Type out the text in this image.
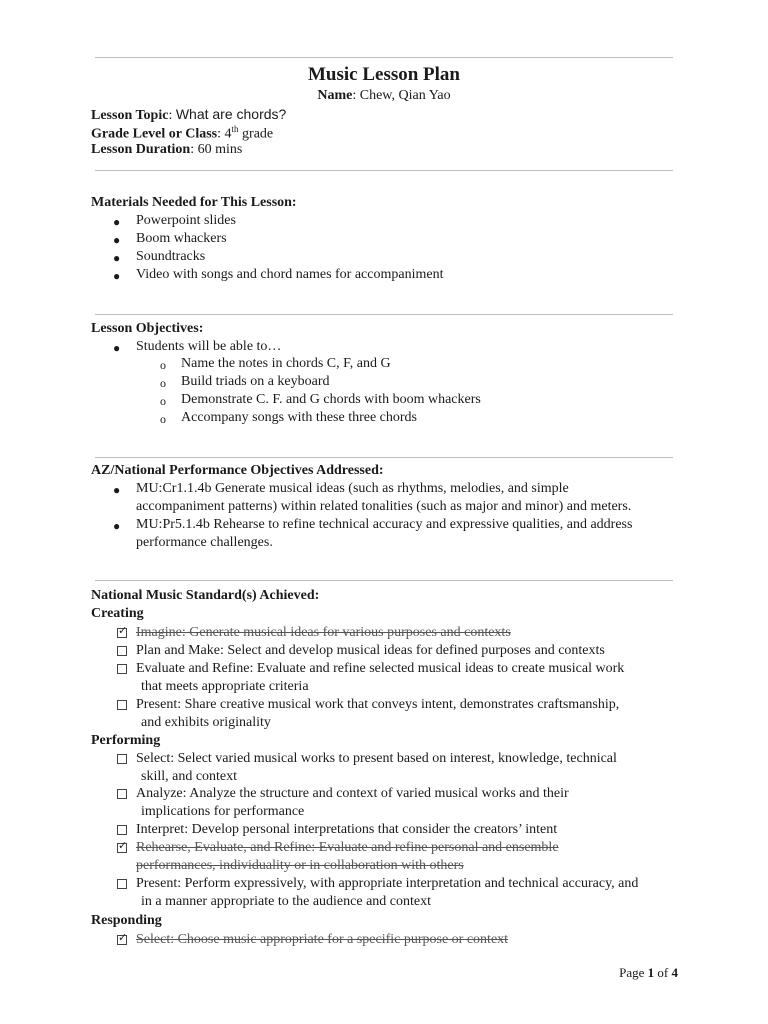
Music Lesson Plan
Name: Chew, Qian Yao
Lesson Topic: What are chords?
Grade Level or Class: 4th grade
Lesson Duration: 60 mins
Materials Needed for This Lesson:
● Powerpoint slides
● Boom whackers
● Soundtracks
● Video with songs and chord names for accompaniment
Lesson Objectives:
● Students will be able to…
o Name the notes in chords C, F, and G
o Build triads on a keyboard
o Demonstrate C. F. and G chords with boom whackers
o Accompany songs with these three chords
AZ/National Performance Objectives Addressed:
● MU:Cr1.1.4b Generate musical ideas (such as rhythms, melodies, and simple
accompaniment patterns) within related tonalities (such as major and minor) and meters.
● MU:Pr5.1.4b Rehearse to refine technical accuracy and expressive qualities, and address
performance challenges.
National Music Standard(s) Achieved:
Creating
✓
Imagine: Generate musical ideas for various purposes and contexts
Plan and Make: Select and develop musical ideas for defined purposes and contexts
Evaluate and Refine: Evaluate and refine selected musical ideas to create musical work
that meets appropriate criteria
Present: Share creative musical work that conveys intent, demonstrates craftsmanship,
and exhibits originality
Performing
Select: Select varied musical works to present based on interest, knowledge, technical
skill, and context
Analyze: Analyze the structure and context of varied musical works and their
implications for performance
Interpret: Develop personal interpretations that consider the creators’ intent
✓
Rehearse, Evaluate, and Refine: Evaluate and refine personal and ensemble
performances, individuality or in collaboration with others
Present: Perform expressively, with appropriate interpretation and technical accuracy, and
in a manner appropriate to the audience and context
Responding
✓
Select: Choose music appropriate for a specific purpose or context
Page 1 of 4
